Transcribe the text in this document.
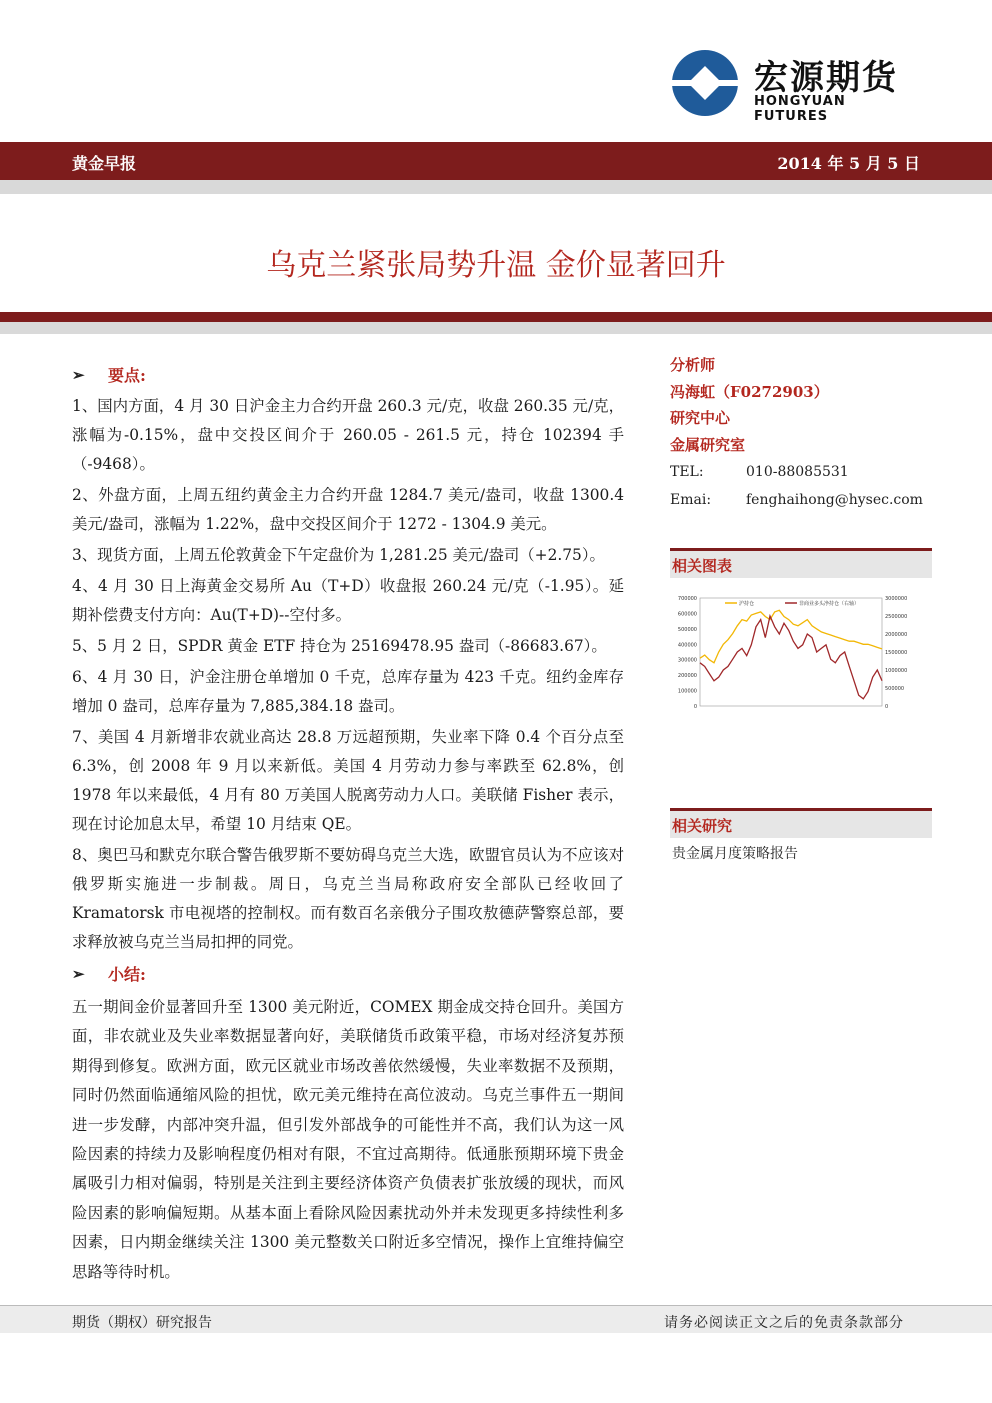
宏源期货
HONGYUAN FUTURES
黄金早报	2014 年 5 月 5 日
乌克兰紧张局势升温 金价显著回升
➢	要点:

1、国内方面，4 月 30 日沪金主力合约开盘 260.3 元/克，收盘 260.35 元/克，涨幅为-0.15%，盘中交投区间介于 260.05 - 261.5 元，持仓 102394 手（-9468）。

2、外盘方面，上周五纽约黄金主力合约开盘 1284.7 美元/盎司，收盘 1300.4 美元/盎司，涨幅为 1.22%，盘中交投区间介于 1272 - 1304.9 美元。

3、现货方面，上周五伦敦黄金下午定盘价为 1,281.25 美元/盎司（+2.75）。

4、4 月 30 日上海黄金交易所 Au（T+D）收盘报 260.24 元/克（-1.95）。延期补偿费支付方向：Au(T+D)--空付多。

5、5 月 2 日，SPDR 黄金 ETF 持仓为 25169478.95 盎司（-86683.67）。

6、4 月 30 日，沪金注册仓单增加 0 千克，总库存量为 423 千克。纽约金库存增加 0 盎司，总库存量为 7,885,384.18 盎司。

7、美国 4 月新增非农就业高达 28.8 万远超预期，失业率下降 0.4 个百分点至 6.3%，创 2008 年 9 月以来新低。美国 4 月劳动力参与率跌至 62.8%，创 1978 年以来最低，4 月有 80 万美国人脱离劳动力人口。美联储 Fisher 表示，现在讨论加息太早，希望 10 月结束 QE。

8、奥巴马和默克尔联合警告俄罗斯不要妨碍乌克兰大选，欧盟官员认为不应该对俄罗斯实施进一步制裁。周日，乌克兰当局称政府安全部队已经收回了 Kramatorsk 市电视塔的控制权。而有数百名亲俄分子围攻敖德萨警察总部，要求释放被乌克兰当局扣押的同党。

➢	小结:

五一期间金价显著回升至 1300 美元附近，COMEX 期金成交持仓回升。美国方面，非农就业及失业率数据显著向好，美联储货币政策平稳，市场对经济复苏预期得到修复。欧洲方面，欧元区就业市场改善依然缓慢，失业率数据不及预期，同时仍然面临通缩风险的担忧，欧元美元维持在高位波动。乌克兰事件五一期间进一步发酵，内部冲突升温，但引发外部战争的可能性并不高，我们认为这一风险因素的持续力及影响程度仍相对有限，不宜过高期待。低通胀预期环境下贵金属吸引力相对偏弱，特别是关注到主要经济体资产负债表扩张放缓的现状，而风险因素的影响偏短期。从基本面上看除风险因素扰动外并未发现更多持续性利多因素，日内期金继续关注 1300 美元整数关口附近多空情况，操作上宜维持偏空思路等待时机。

分析师
冯海虹（F0272903）
研究中心
金属研究室
TEL:	010-88085531
Emai:	fenghaihong@hysec.com
相关图表
700000
600000
500000
400000
300000
200000
100000
0
3000000
2500000
2000000
1500000
1000000
500000
0
沪持仓	非商业多头净持仓（右轴）
相关研究
贵金属月度策略报告
期货（期权）研究报告	请务必阅读正文之后的免责条款部分
